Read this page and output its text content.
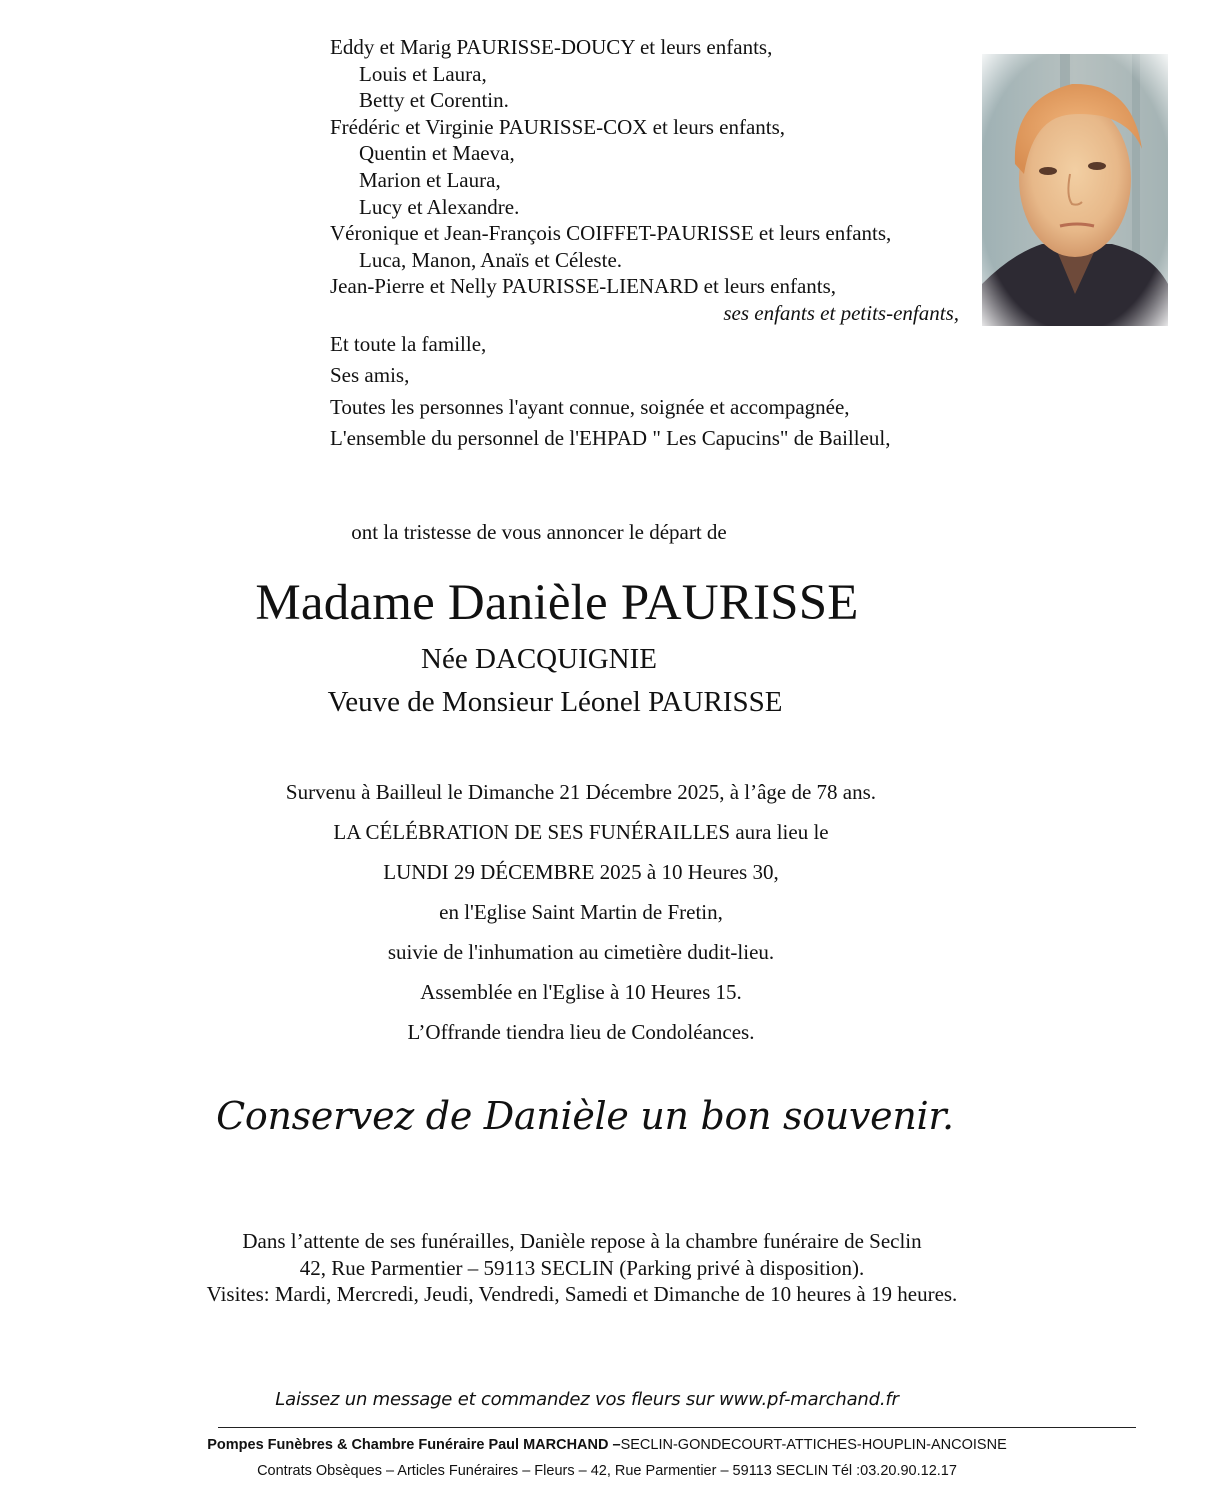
Eddy et Marig PAURISSE-DOUCY et leurs enfants,
Louis et Laura,
Betty et Corentin.
Frédéric et Virginie PAURISSE-COX et leurs enfants,
Quentin et Maeva,
Marion et Laura,
Lucy et Alexandre.
Véronique et Jean-François COIFFET-PAURISSE et leurs enfants,
Luca, Manon, Anaïs et Céleste.
Jean-Pierre et Nelly PAURISSE-LIENARD et leurs enfants,
ses enfants et petits-enfants,
Et toute la famille,
Ses amis,
Toutes les personnes l'ayant connue, soignée et accompagnée,
L'ensemble du personnel de l'EHPAD " Les Capucins" de Bailleul,
ont la tristesse de vous annoncer le départ de
Madame Danièle PAURISSE
Née DACQUIGNIE
Veuve de Monsieur Léonel PAURISSE
Survenu à Bailleul le Dimanche 21 Décembre 2025, à l’âge de 78 ans.
LA CÉLÉBRATION DE SES FUNÉRAILLES aura lieu le
LUNDI 29 DÉCEMBRE 2025 à 10 Heures 30,
en l'Eglise Saint Martin de Fretin,
suivie de l'inhumation au cimetière dudit-lieu.
Assemblée en l'Eglise à 10 Heures 15.
L’Offrande tiendra lieu de Condoléances.
Conservez de Danièle un bon souvenir.
Dans l’attente de ses funérailles, Danièle repose à la chambre funéraire de Seclin
42, Rue Parmentier – 59113 SECLIN (Parking privé à disposition).
Visites: Mardi, Mercredi, Jeudi, Vendredi, Samedi et Dimanche de 10 heures à 19 heures.
Laissez un message et commandez vos fleurs sur www.pf-marchand.fr
Pompes Funèbres & Chambre Funéraire Paul MARCHAND –SECLIN-GONDECOURT-ATTICHES-HOUPLIN-ANCOISNE
Contrats Obsèques – Articles Funéraires – Fleurs – 42, Rue Parmentier – 59113 SECLIN Tél :03.20.90.12.17
